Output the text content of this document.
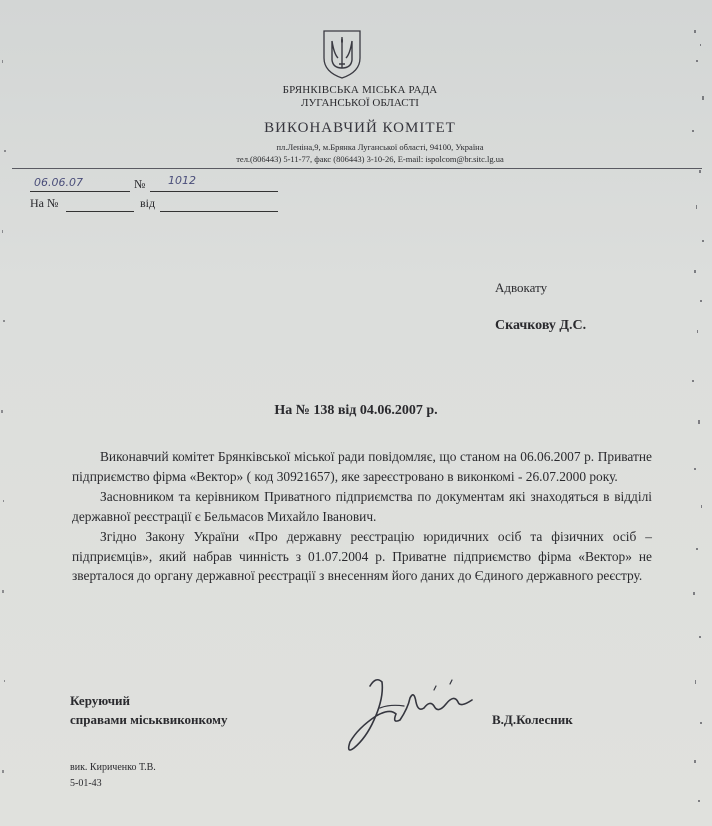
БРЯНКІВСЬКА МІСЬКА РАДА
ЛУГАНСЬКОЇ ОБЛАСТІ
ВИКОНАВЧИЙ КОМІТЕТ
пл.Леніна,9, м.Брянка Луганської області, 94100, Україна
тел.(806443) 5-11-77, факс (806443) 3-10-26, E-mail: ispolcom@br.sitc.lg.ua
06.06.07	№ 1012
На №	від
Адвокату
Скачкову Д.С.
На № 138 від 04.06.2007 р.

Виконавчий комітет Брянківської міської ради повідомляє, що станом на 06.06.2007 р. Приватне підприємство фірма «Вектор» ( код 30921657), яке зареєстровано в виконкомі - 26.07.2000 року.

Засновником та керівником Приватного підприємства по документам які знаходяться в відділі державної реєстрації є Бельмасов Михайло Іванович.

Згідно Закону України «Про державну реєстрацію юридичних осіб та фізичних осіб – підприємців», який набрав чинність з 01.07.2004 р. Приватне підприємство фірма «Вектор» не зверталося до органу державної реєстрації з внесенням його даних до Єдиного державного реєстру.

Керуючий
справами міськвиконкому	В.Д.Колесник
вик. Кириченко Т.В.
5-01-43
